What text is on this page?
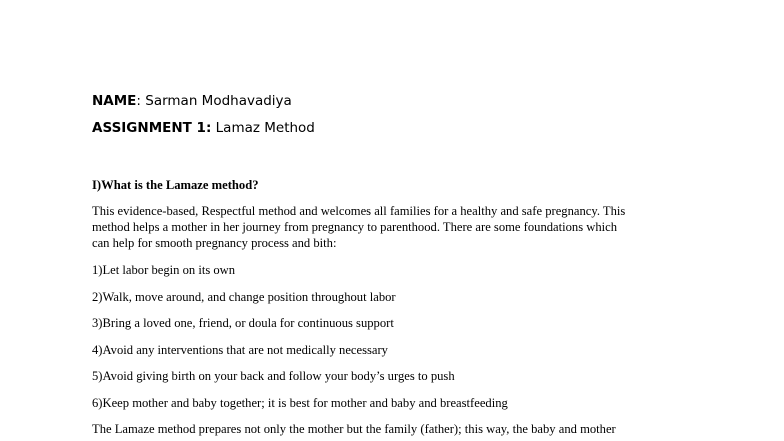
NAME: Sarman Modhavadiya
ASSIGNMENT 1: Lamaz Method
I)What is the Lamaze method?
This evidence-based, Respectful method and welcomes all families for a healthy and safe pregnancy. This
method helps a mother in her journey from pregnancy to parenthood. There are some foundations which
can help for smooth pregnancy process and bith:
1)Let labor begin on its own
2)Walk, move around, and change position throughout labor
3)Bring a loved one, friend, or doula for continuous support
4)Avoid any interventions that are not medically necessary
5)Avoid giving birth on your back and follow your body’s urges to push
6)Keep mother and baby together; it is best for mother and baby and breastfeeding
The Lamaze method prepares not only the mother but the family (father); this way, the baby and mother
